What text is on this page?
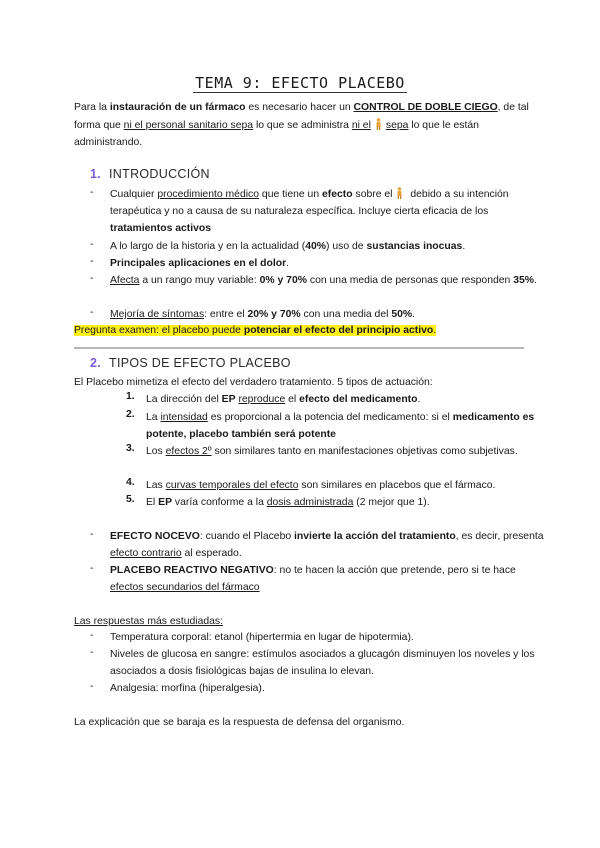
TEMA 9: EFECTO PLACEBO
Para la instauración de un fármaco es necesario hacer un CONTROL DE DOBLE CIEGO, de tal forma que ni el personal sanitario sepa lo que se administra ni el sepa lo que le están administrando.
1. INTRODUCCIÓN
- Cualquier procedimiento médico que tiene un efecto sobre el debido a su intención terapéutica y no a causa de su naturaleza específica. Incluye cierta eficacia de los tratamientos activos
- A lo largo de la historia y en la actualidad (40%) uso de sustancias inocuas.
- Principales aplicaciones en el dolor.
- Afecta a un rango muy variable: 0% y 70% con una media de personas que responden 35%.
- Mejoría de síntomas: entre el 20% y 70% con una media del 50%.
Pregunta examen: el placebo puede potenciar el efecto del principio activo.
2. TIPOS DE EFECTO PLACEBO
El Placebo mimetiza el efecto del verdadero tratamiento. 5 tipos de actuación:
1. La dirección del EP reproduce el efecto del medicamento.
2. La intensidad es proporcional a la potencia del medicamento: si el medicamento es potente, placebo también será potente
3. Los efectos 2º son similares tanto en manifestaciones objetivas como subjetivas.
4. Las curvas temporales del efecto son similares en placebos que el fármaco.
5. El EP varía conforme a la dosis administrada (2 mejor que 1).
- EFECTO NOCEVO: cuando el Placebo invierte la acción del tratamiento, es decir, presenta efecto contrario al esperado.
- PLACEBO REACTIVO NEGATIVO: no te hacen la acción que pretende, pero si te hace efectos secundarios del fármaco
Las respuestas más estudiadas:
- Temperatura corporal: etanol (hipertermia en lugar de hipotermia).
- Niveles de glucosa en sangre: estímulos asociados a glucagón disminuyen los noveles y los asociados a dosis fisiológicas bajas de insulina lo elevan.
- Analgesia: morfina (hiperalgesia).
La explicación que se baraja es la respuesta de defensa del organismo.
